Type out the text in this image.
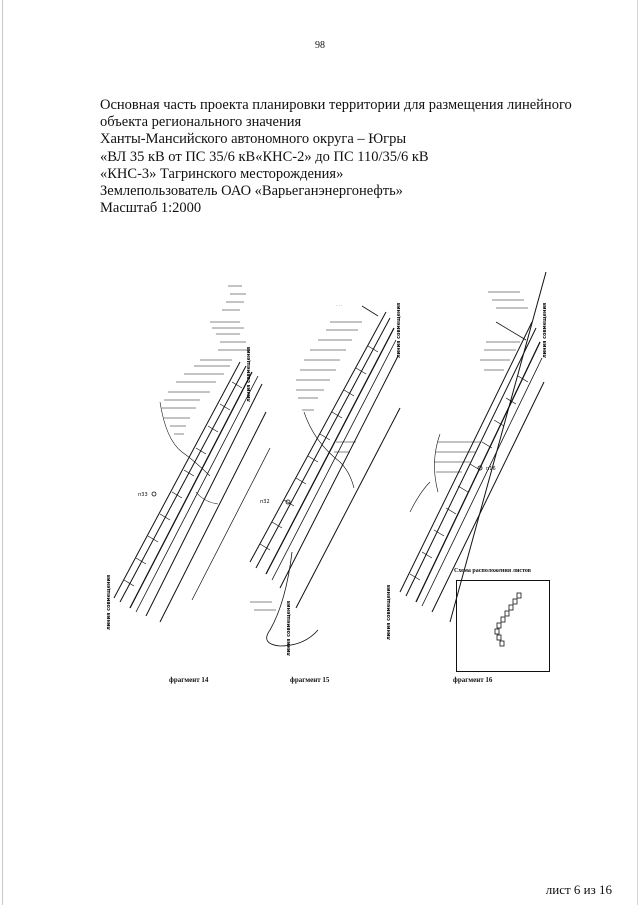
98
Основная часть проекта планировки территории для размещения линейного
объекта регионального значения
Ханты-Мансийского автономного округа – Югры
«ВЛ 35 кВ от ПС 35/6 кВ«КНС-2» до ПС 110/35/6 кВ
«КНС-3» Тагринского месторождения»
Землепользователь ОАО «Варьеганэнергонефть»
Масштаб 1:2000
п33
линия совмещения
линия совмещения
. . .
п32
линия совмещения
линия совмещения
п16
линия совмещения
линия совмещения
Схема расположения листов
фрагмент 14	фрагмент 15	фрагмент 16
лист 6 из 16
